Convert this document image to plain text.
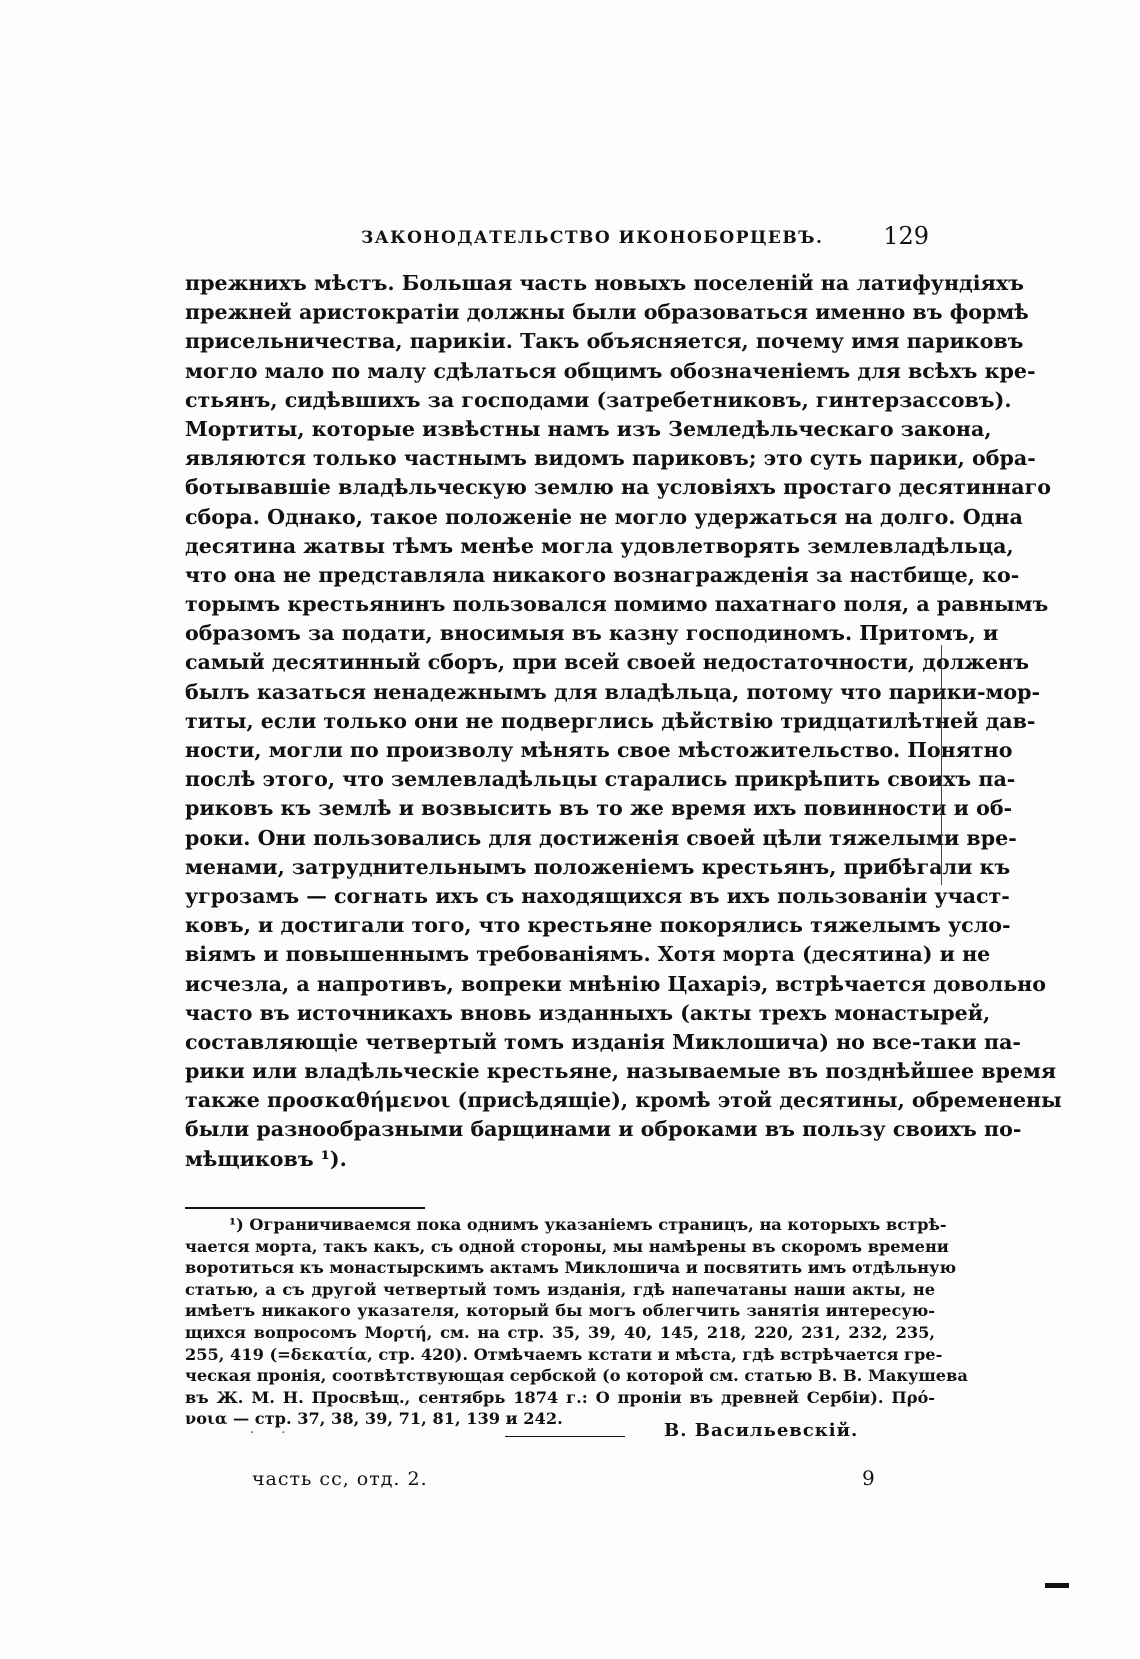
ЗАКОНОДАТЕЛЬСТВО ИКОНОБОРЦЕВЪ. 129
прежнихъ мѣстъ. Большая часть новыхъ поселеній на латифундіяхъ
прежней аристократіи должны были образоваться именно въ формѣ
присельничества, парикіи. Такъ объясняется, почему имя париковъ
могло мало по малу сдѣлаться общимъ обозначеніемъ для всѣхъ кре-
стьянъ, сидѣвшихъ за господами (затребетниковъ, гинтерзассовъ).
Мортиты, которые извѣстны намъ изъ Земледѣльческаго закона,
являются только частнымъ видомъ париковъ; это суть парики, обра-
ботывавшіе владѣльческую землю на условіяхъ простаго десятиннаго
сбора. Однако, такое положеніе не могло удержаться на долго. Одна
десятина жатвы тѣмъ менѣе могла удовлетворять землевладѣльца,
что она не представляла никакого вознагражденія за настбище, ко-
торымъ крестьянинъ пользовался помимо пахатнаго поля, а равнымъ
образомъ за подати, вносимыя въ казну господиномъ. Притомъ, и
самый десятинный сборъ, при всей своей недостаточности, долженъ
былъ казаться ненадежнымъ для владѣльца, потому что парики-мор-
титы, если только они не подверглись дѣйствію тридцатилѣтней дав-
ности, могли по произволу мѣнять свое мѣстожительство. Понятно
послѣ этого, что землевладѣльцы старались прикрѣпить своихъ па-
риковъ къ землѣ и возвысить въ то же время ихъ повинности и об-
роки. Они пользовались для достиженія своей цѣли тяжелыми вре-
менами, затруднительнымъ положеніемъ крестьянъ, прибѣгали къ
угрозамъ — согнать ихъ съ находящихся въ ихъ пользованіи участ-
ковъ, и достигали того, что крестьяне покорялись тяжелымъ усло-
віямъ и повышеннымъ требованіямъ. Хотя морта (десятина) и не
исчезла, а напротивъ, вопреки мнѣнію Цахаріэ, встрѣчается довольно
часто въ источникахъ вновь изданныхъ (акты трехъ монастырей,
составляющіе четвертый томъ изданія Миклошича) но все-таки па-
рики или владѣльческіе крестьяне, называемые въ позднѣйшее время
также προσκαθήμενοι (присѣдящіе), кромѣ этой десятины, обременены
были разнообразными барщинами и оброками въ пользу своихъ по-
мѣщиковъ ¹).
¹) Ограничиваемся пока однимъ указаніемъ страницъ, на которыхъ встрѣ-
чается морта, такъ какъ, съ одной стороны, мы намѣрены въ скоромъ времени
воротиться къ монастырскимъ актамъ Миклошича и посвятить имъ отдѣльную
статью, а съ другой четвертый томъ изданія, гдѣ напечатаны наши акты, не
имѣетъ никакого указателя, который бы могъ облегчить занятія интересую-
щихся вопросомъ Μορτή, см. на стр. 35, 39, 40, 145, 218, 220, 231, 232, 235,
255, 419 (=δεκατία, стр. 420). Отмѣчаемъ кстати и мѣста, гдѣ встрѣчается гре-
ческая пронія, соотвѣтствующая сербской (о которой см. статью В. В. Макушева
въ Ж. М. Н. Просвѣщ., сентябрь 1874 г.: О проніи въ древней Сербіи). Πρό-
νοια — стр. 37, 38, 39, 71, 81, 139 и 242.
·      ·	В. Васильевскій.
часть сс, отд. 2.	9
